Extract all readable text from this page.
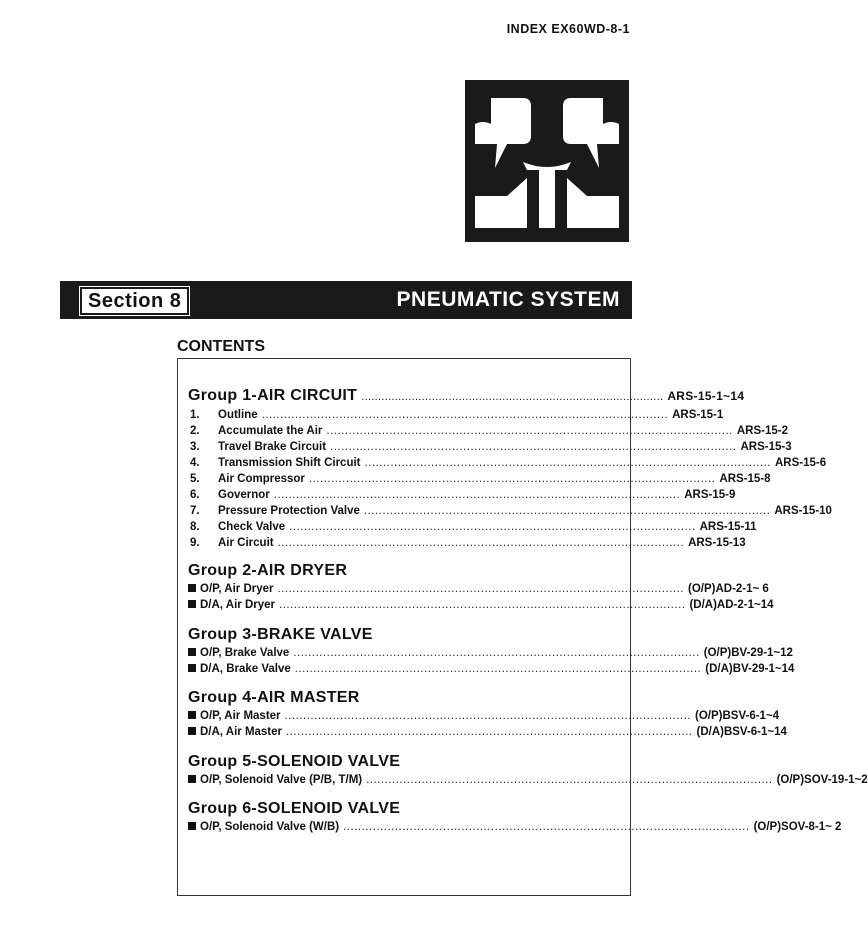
INDEX EX60WD-8-1
Section 8	PNEUMATIC SYSTEM
CONTENTS
Group 1-AIR CIRCUIT .......................................................................................... ARS-15-1~14
1.	Outline .............................................................................................................. ARS-15-1
2.	Accumulate the Air .............................................................................................................. ARS-15-2
3.	Travel Brake Circuit .............................................................................................................. ARS-15-3
4.	Transmission Shift Circuit .............................................................................................................. ARS-15-6
5.	Air Compressor .............................................................................................................. ARS-15-8
6.	Governor .............................................................................................................. ARS-15-9
7.	Pressure Protection Valve .............................................................................................................. ARS-15-10
8.	Check Valve .............................................................................................................. ARS-15-11
9.	Air Circuit .............................................................................................................. ARS-15-13
Group 2-AIR DRYER
O/P, Air Dryer .............................................................................................................. (O/P)AD-2-1~ 6
D/A, Air Dryer .............................................................................................................. (D/A)AD-2-1~14
Group 3-BRAKE VALVE
O/P, Brake Valve .............................................................................................................. (O/P)BV-29-1~12
D/A, Brake Valve .............................................................................................................. (D/A)BV-29-1~14
Group 4-AIR MASTER
O/P, Air Master .............................................................................................................. (O/P)BSV-6-1~4
D/A, Air Master .............................................................................................................. (D/A)BSV-6-1~14
Group 5-SOLENOID VALVE
O/P, Solenoid Valve (P/B, T/M) .............................................................................................................. (O/P)SOV-19-1~2
Group 6-SOLENOID VALVE
O/P, Solenoid Valve (W/B) .............................................................................................................. (O/P)SOV-8-1~ 2
